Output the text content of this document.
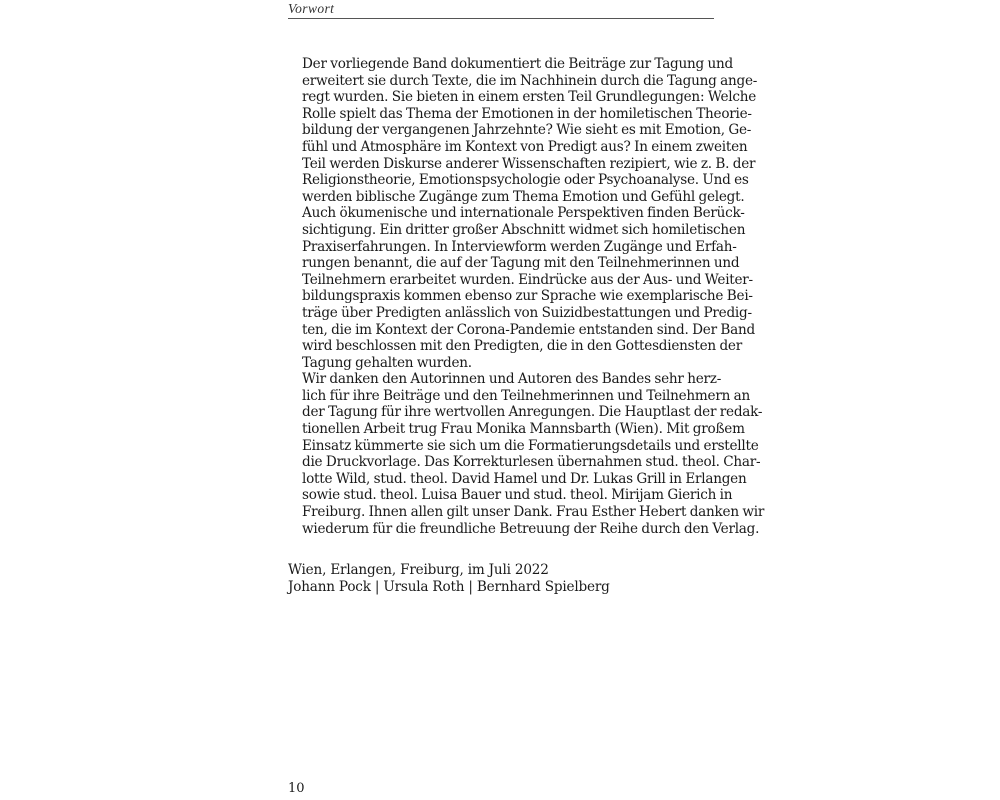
Vorwort

Der vorliegende Band dokumentiert die Beiträge zur Tagung und
erweitert sie durch Texte, die im Nachhinein durch die Tagung ange-
regt wurden. Sie bieten in einem ersten Teil Grundlegungen: Welche
Rolle spielt das Thema der Emotionen in der homiletischen Theorie-
bildung der vergangenen Jahrzehnte? Wie sieht es mit Emotion, Ge-
fühl und Atmosphäre im Kontext von Predigt aus? In einem zweiten
Teil werden Diskurse anderer Wissenschaften rezipiert, wie z. B. der
Religionstheorie, Emotionspsychologie oder Psychoanalyse. Und es
werden biblische Zugänge zum Thema Emotion und Gefühl gelegt.
Auch ökumenische und internationale Perspektiven finden Berück-
sichtigung. Ein dritter großer Abschnitt widmet sich homiletischen
Praxiserfahrungen. In Interviewform werden Zugänge und Erfah-
rungen benannt, die auf der Tagung mit den Teilnehmerinnen und
Teilnehmern erarbeitet wurden. Eindrücke aus der Aus- und Weiter-
bildungspraxis kommen ebenso zur Sprache wie exemplarische Bei-
träge über Predigten anlässlich von Suizidbestattungen und Predig-
ten, die im Kontext der Corona-Pandemie entstanden sind. Der Band
wird beschlossen mit den Predigten, die in den Gottesdiensten der
Tagung gehalten wurden.

Wir danken den Autorinnen und Autoren des Bandes sehr herz-
lich für ihre Beiträge und den Teilnehmerinnen und Teilnehmern an
der Tagung für ihre wertvollen Anregungen. Die Hauptlast der redak-
tionellen Arbeit trug Frau Monika Mannsbarth (Wien). Mit großem
Einsatz kümmerte sie sich um die Formatierungsdetails und erstellte
die Druckvorlage. Das Korrekturlesen übernahmen stud. theol. Char-
lotte Wild, stud. theol. David Hamel und Dr. Lukas Grill in Erlangen
sowie stud. theol. Luisa Bauer und stud. theol. Mirijam Gierich in
Freiburg. Ihnen allen gilt unser Dank. Frau Esther Hebert danken wir
wiederum für die freundliche Betreuung der Reihe durch den Verlag.

Wien, Erlangen, Freiburg, im Juli 2022
Johann Pock | Ursula Roth | Bernhard Spielberg
10
